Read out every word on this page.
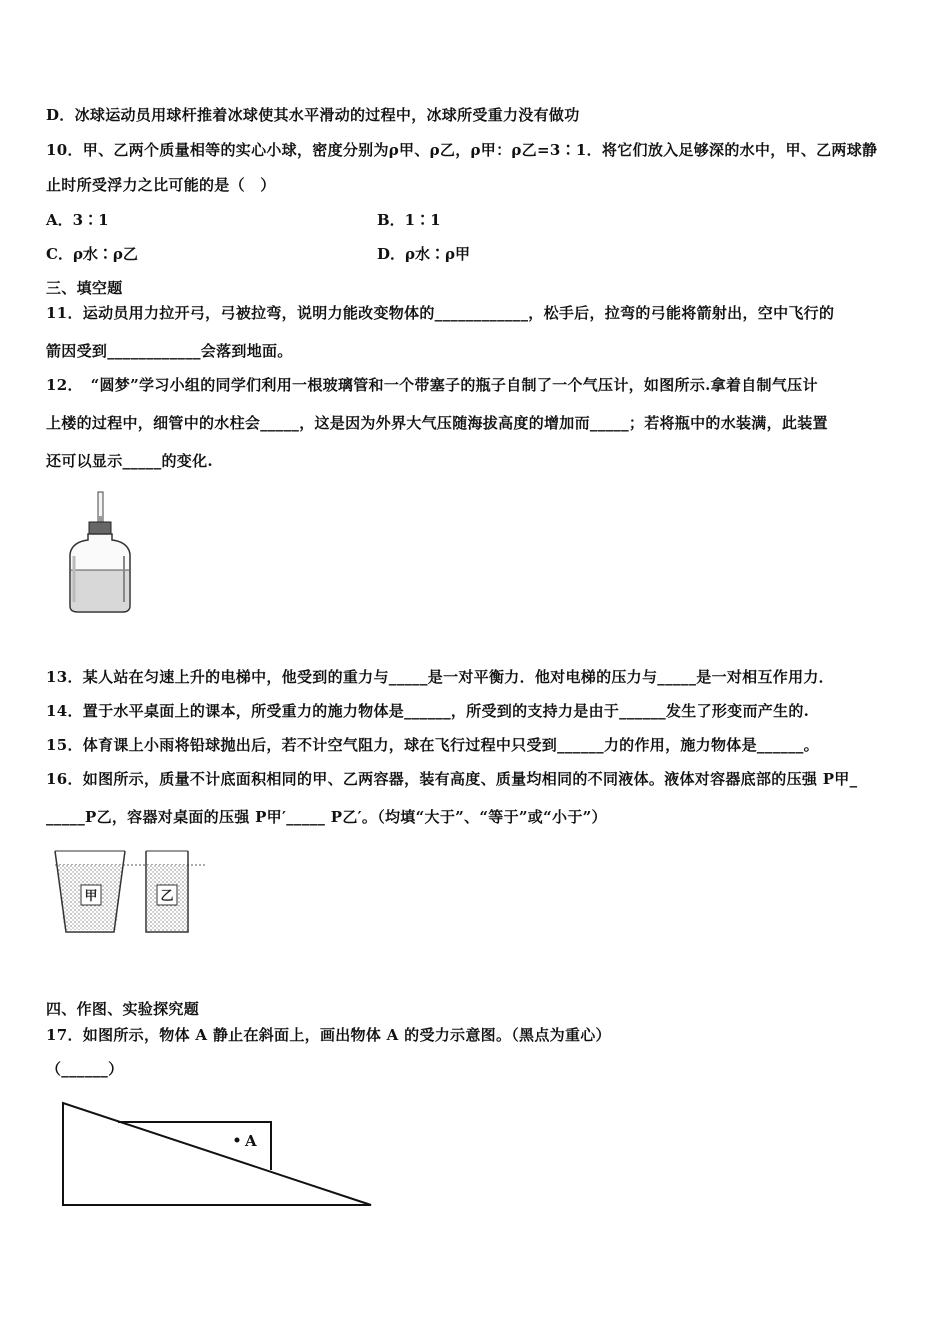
D．冰球运动员用球杆推着冰球使其水平滑动的过程中，冰球所受重力没有做功
10．甲、乙两个质量相等的实心小球，密度分别为ρ甲、ρ乙，ρ甲：ρ乙=3∶1．将它们放入足够深的水中，甲、乙两球静
止时所受浮力之比可能的是（　）
A．3∶1	B．1∶1
C．ρ水∶ρ乙	D．ρ水∶ρ甲
三、填空题
11．运动员用力拉开弓，弓被拉弯，说明力能改变物体的____________，松手后，拉弯的弓能将箭射出，空中飞行的
箭因受到____________会落到地面。
12．　“圆梦”学习小组的同学们利用一根玻璃管和一个带塞子的瓶子自制了一个气压计，如图所示.拿着自制气压计
上楼的过程中，细管中的水柱会_____，这是因为外界大气压随海拔高度的增加而_____；若将瓶中的水装满，此装置
还可以显示_____的变化.
13．某人站在匀速上升的电梯中，他受到的重力与_____是一对平衡力．他对电梯的压力与_____是一对相互作用力．
14．置于水平桌面上的课本，所受重力的施力物体是______，所受到的支持力是由于______发生了形变而产生的.
15．体育课上小雨将铅球抛出后，若不计空气阻力，球在飞行过程中只受到______力的作用，施力物体是______。
16．如图所示，质量不计底面积相同的甲、乙两容器，装有高度、质量均相同的不同液体。液体对容器底部的压强 P甲_
_____P乙，容器对桌面的压强 P甲′_____ P乙′。（均填“大于”、“等于”或“小于”）
甲	乙
四、作图、实验探究题
17．如图所示，物体 A 静止在斜面上，画出物体 A 的受力示意图。（黑点为重心）
（______）
A
